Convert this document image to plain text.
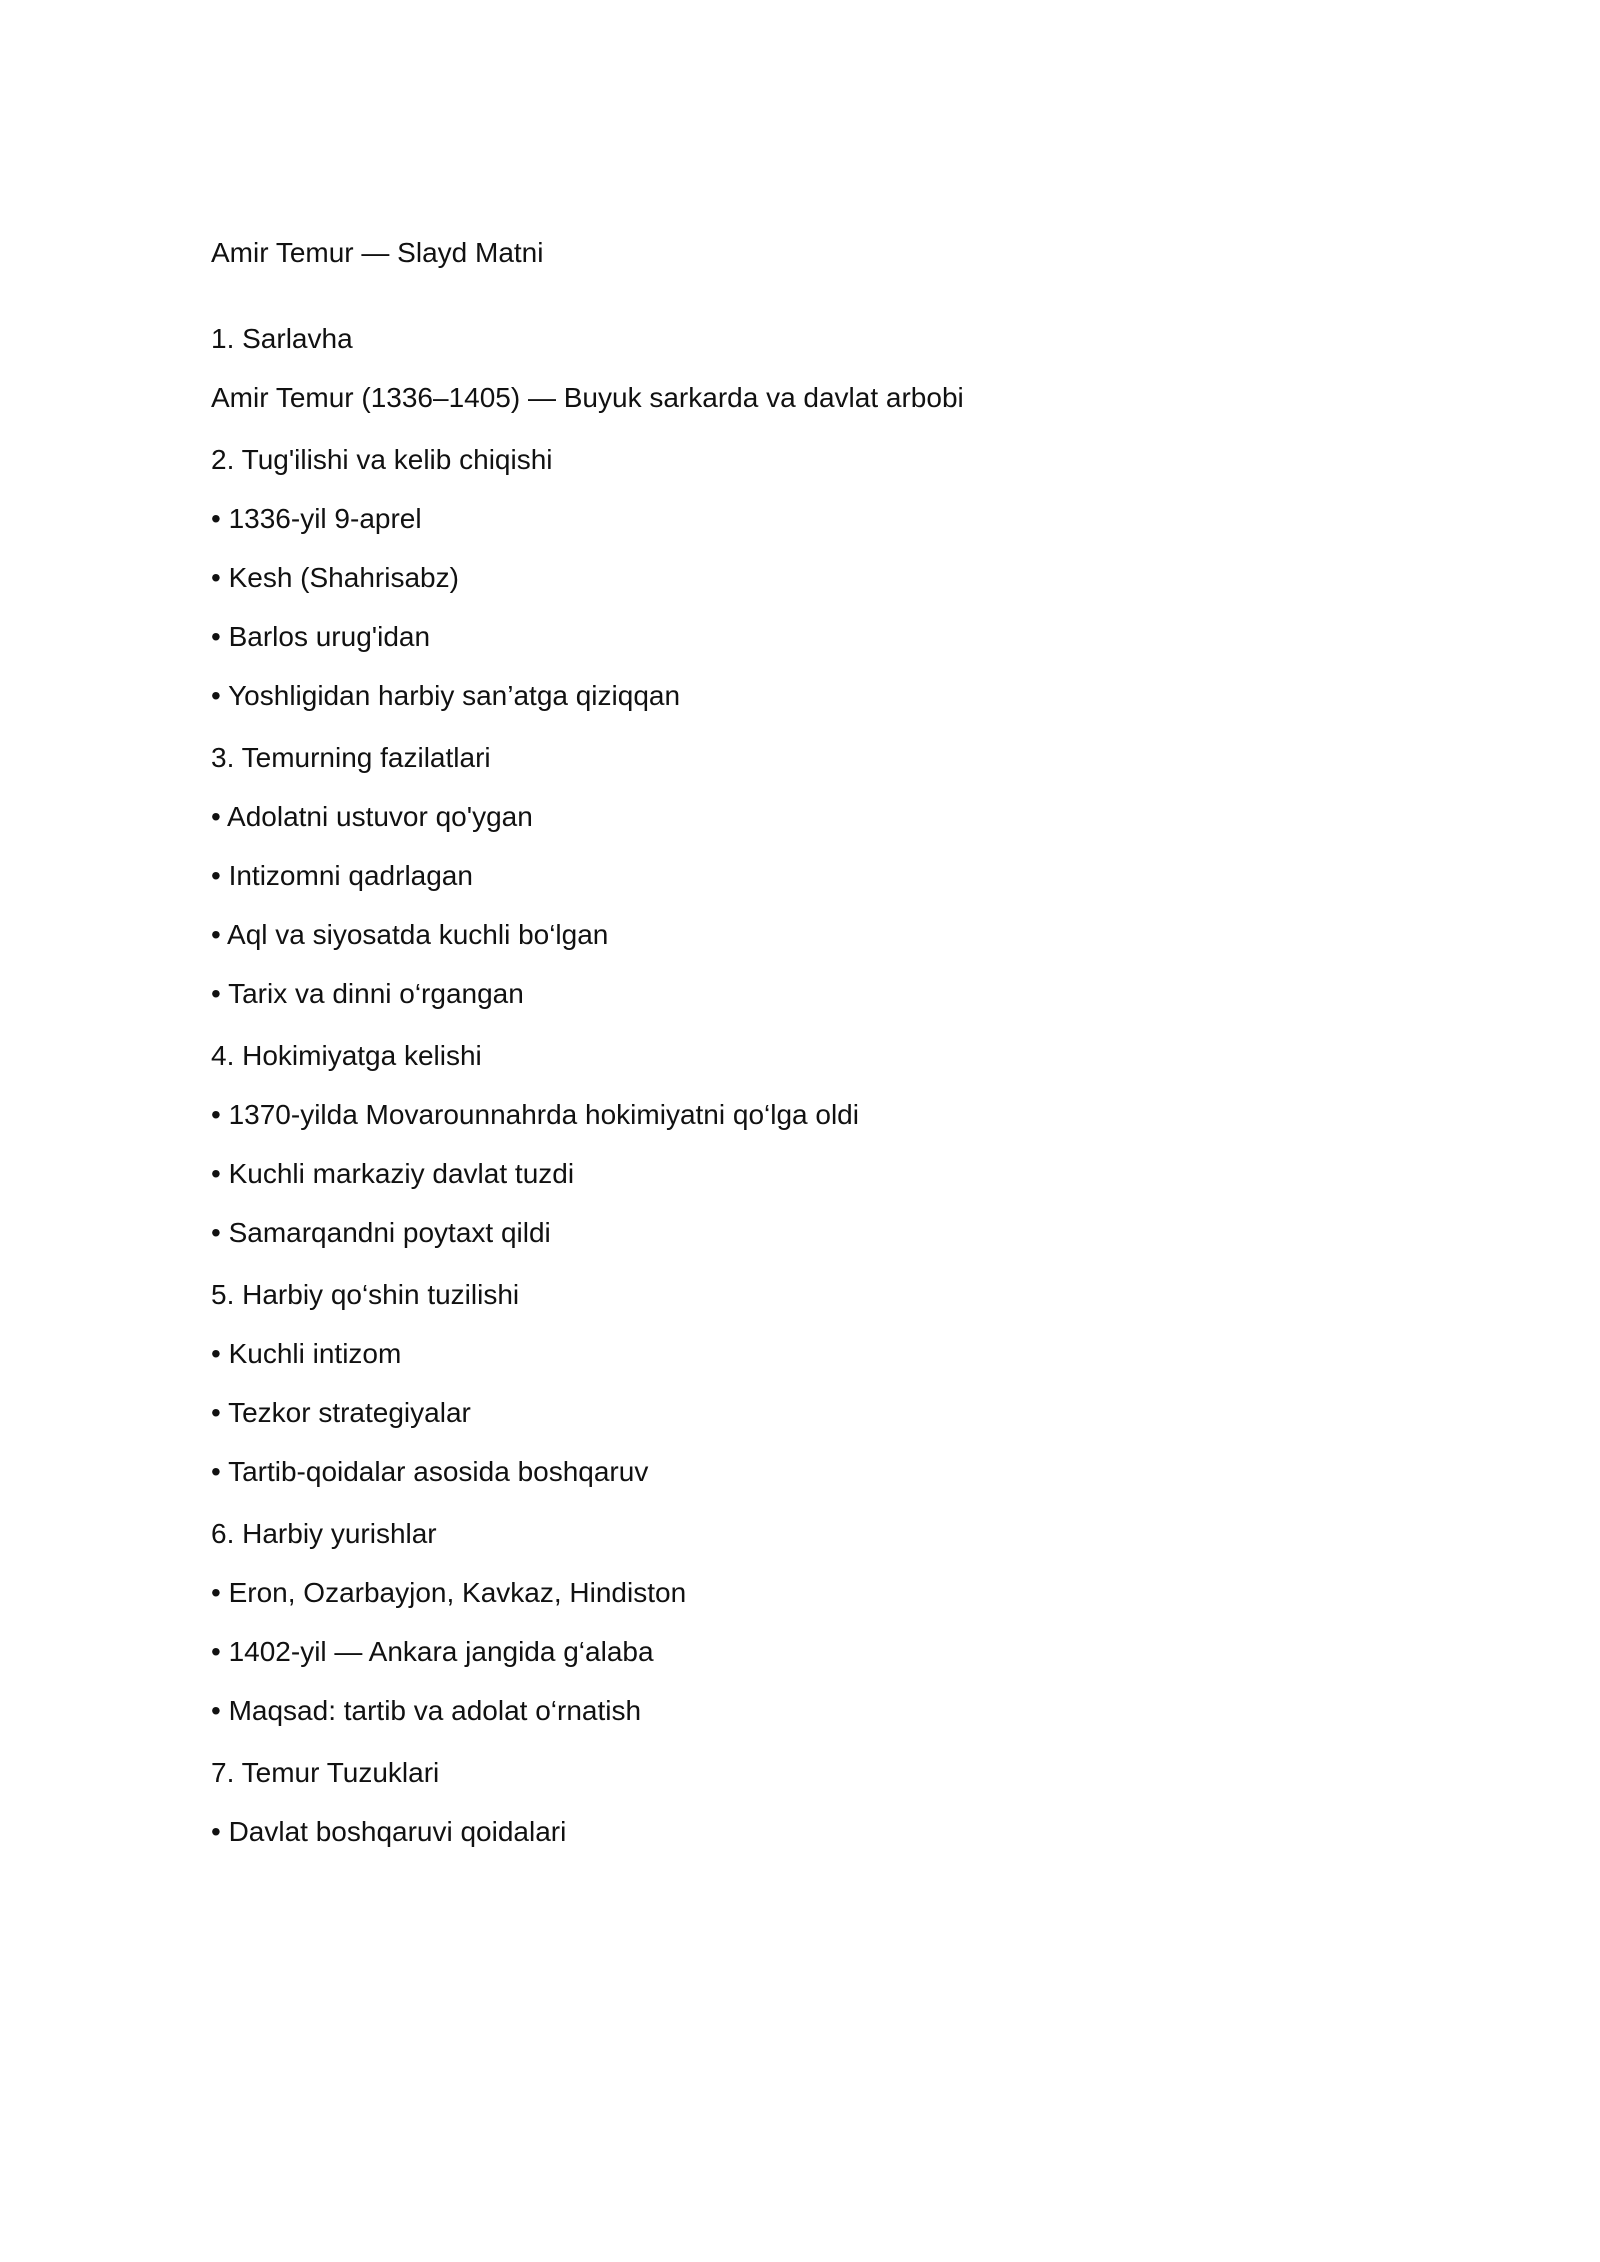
Amir Temur — Slayd Matni
1. Sarlavha
Amir Temur (1336–1405) — Buyuk sarkarda va davlat arbobi
2. Tug'ilishi va kelib chiqishi
• 1336-yil 9-aprel
• Kesh (Shahrisabz)
• Barlos urug'idan
• Yoshligidan harbiy san’atga qiziqqan
3. Temurning fazilatlari
• Adolatni ustuvor qo'ygan
• Intizomni qadrlagan
• Aql va siyosatda kuchli bo‘lgan
• Tarix va dinni o‘rgangan
4. Hokimiyatga kelishi
• 1370-yilda Movarounnahrda hokimiyatni qo‘lga oldi
• Kuchli markaziy davlat tuzdi
• Samarqandni poytaxt qildi
5. Harbiy qo‘shin tuzilishi
• Kuchli intizom
• Tezkor strategiyalar
• Tartib-qoidalar asosida boshqaruv
6. Harbiy yurishlar
• Eron, Ozarbayjon, Kavkaz, Hindiston
• 1402-yil — Ankara jangida g‘alaba
• Maqsad: tartib va adolat o‘rnatish
7. Temur Tuzuklari
• Davlat boshqaruvi qoidalari
